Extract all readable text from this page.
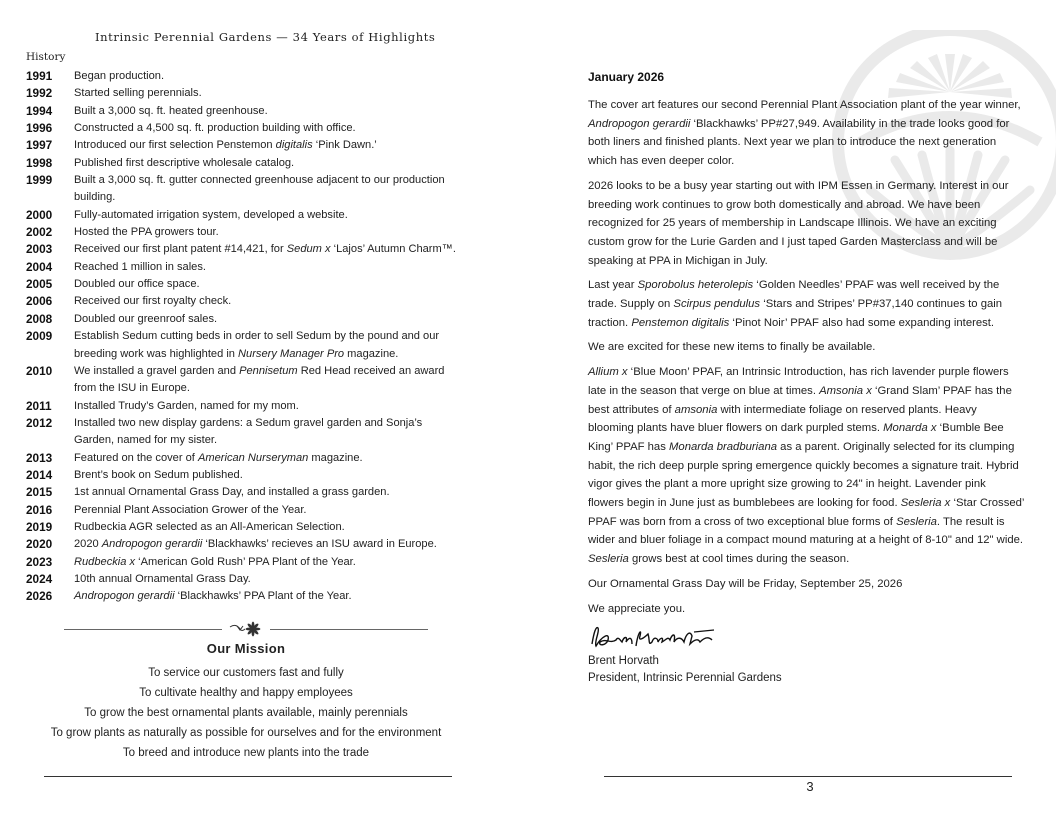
Intrinsic Perennial Gardens — 34 Years of Highlights
History
1991	Began production.
1992	Started selling perennials.
1994	Built a 3,000 sq. ft. heated greenhouse.
1996	Constructed a 4,500 sq. ft. production building with office.
1997	Introduced our first selection Penstemon digitalis ‘Pink Dawn.’
1998	Published first descriptive wholesale catalog.
1999	Built a 3,000 sq. ft. gutter connected greenhouse adjacent to our production building.
2000	Fully-automated irrigation system, developed a website.
2002	Hosted the PPA growers tour.
2003	Received our first plant patent #14,421, for Sedum x ‘Lajos’ Autumn Charm™.
2004	Reached 1 million in sales.
2005	Doubled our office space.
2006	Received our first royalty check.
2008	Doubled our greenroof sales.
2009	Establish Sedum cutting beds in order to sell Sedum by the pound and our breeding work was highlighted in Nursery Manager Pro magazine.
2010	We installed a gravel garden and Pennisetum Red Head received an award from the ISU in Europe.
2011	Installed Trudy’s Garden, named for my mom.
2012	Installed two new display gardens: a Sedum gravel garden and Sonja’s Garden, named for my sister.
2013	Featured on the cover of American Nurseryman magazine.
2014	Brent’s book on Sedum published.
2015	1st annual Ornamental Grass Day, and installed a grass garden.
2016	Perennial Plant Association Grower of the Year.
2019	Rudbeckia AGR selected as an All-American Selection.
2020	2020 Andropogon gerardii ‘Blackhawks’ recieves an ISU award in Europe.
2023	Rudbeckia x ‘American Gold Rush’ PPA Plant of the Year.
2024	10th annual Ornamental Grass Day.
2026	Andropogon gerardii ‘Blackhawks’ PPA Plant of the Year.
Our Mission
To service our customers fast and fully
To cultivate healthy and happy employees
To grow the best ornamental plants available, mainly perennials
To grow plants as naturally as possible for ourselves and for the environment
To breed and introduce new plants into the trade
January 2026

The cover art features our second Perennial Plant Association plant of the year winner, Andropogon gerardii ‘Blackhawks’ PP#27,949. Availability in the trade looks good for both liners and finished plants. Next year we plan to introduce the next generation which has even deeper color.

2026 looks to be a busy year starting out with IPM Essen in Germany. Interest in our breeding work continues to grow both domestically and abroad. We have been recognized for 25 years of membership in Landscape Illinois. We have an exciting custom grow for the Lurie Garden and I just taped Garden Masterclass and will be speaking at PPA in Michigan in July.

Last year Sporobolus heterolepis ‘Golden Needles’ PPAF was well received by the trade. Supply on Scirpus pendulus ‘Stars and Stripes’ PP#37,140 continues to gain traction. Penstemon digitalis ‘Pinot Noir’ PPAF also had some expanding interest.

We are excited for these new items to finally be available.

Allium x ‘Blue Moon’ PPAF, an Intrinsic Introduction, has rich lavender purple flowers late in the season that verge on blue at times. Amsonia x ‘Grand Slam’ PPAF has the best attributes of amsonia with intermediate foliage on reserved plants. Heavy blooming plants have bluer flowers on dark purpled stems. Monarda x ‘Bumble Bee King’ PPAF has Monarda bradburiana as a parent. Originally selected for its clumping habit, the rich deep purple spring emergence quickly becomes a signature trait. Hybrid vigor gives the plant a more upright size growing to 24" in height. Lavender pink flowers begin in June just as bumblebees are looking for food. Sesleria x ‘Star Crossed’ PPAF was born from a cross of two exceptional blue forms of Sesleria. The result is wider and bluer foliage in a compact mound maturing at a height of 8-10" and 12" wide. Sesleria grows best at cool times during the season.

Our Ornamental Grass Day will be Friday, September 25, 2026

We appreciate you.

Brent Horvath
President, Intrinsic Perennial Gardens
3
